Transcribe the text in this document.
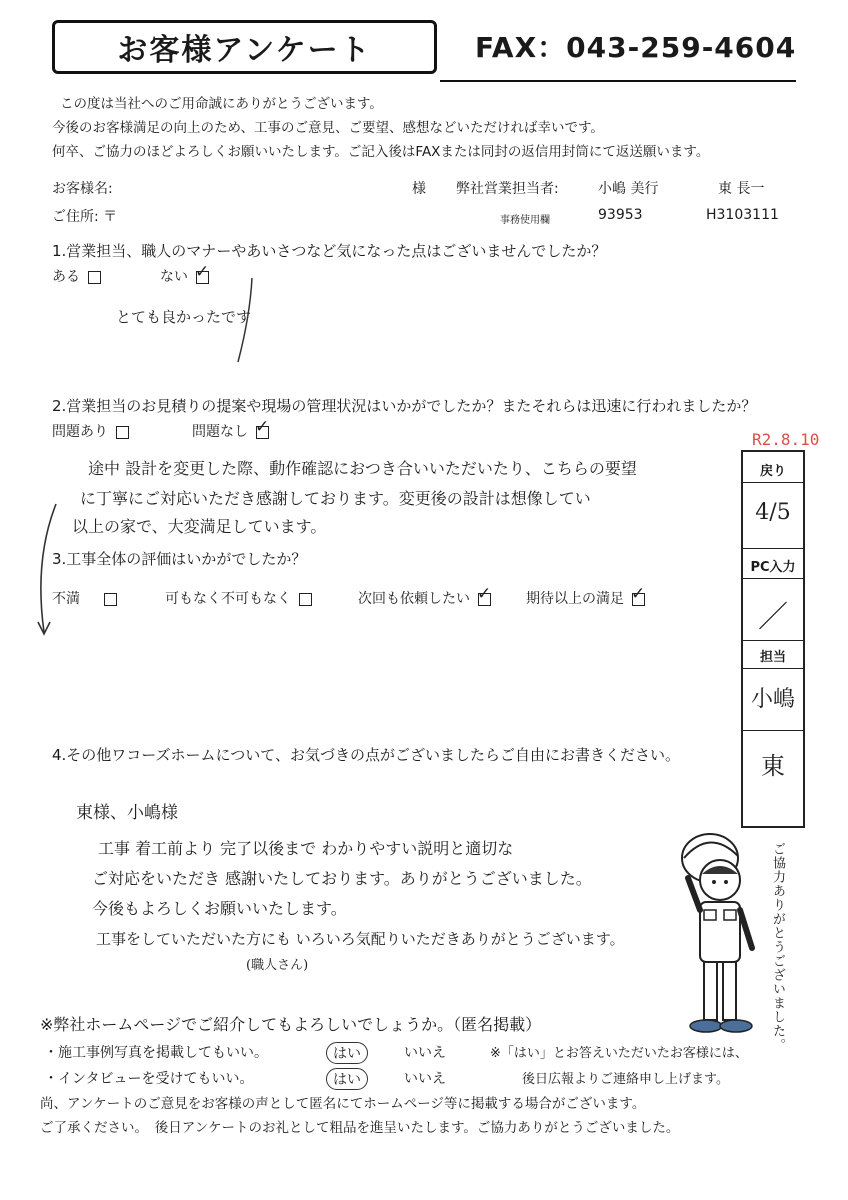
お客様アンケート	FAX：043-259-4604
この度は当社へのご用命誠にありがとうございます。
今後のお客様満足の向上のため、工事のご意見、ご要望、感想などいただければ幸いです。
何卒、ご協力のほどよろしくお願いいたします。ご記入後はFAXまたは同封の返信用封筒にて返送願います。
お客様名:	様 弊社営業担当者:	小嶋 美行	東 長一
ご住所: 〒	事務使用欄	93953	H3103111
1.営業担当、職人のマナーやあいさつなど気になった点はございませんでしたか？
ある	ない✓
とても良かったです
2.営業担当のお見積りの提案や現場の管理状況はいかがでしたか？またそれらは迅速に行われましたか？
問題あり	問題なし✓
途中 設計を変更した際、動作確認におつき合いいただいたり、こちらの要望
に丁寧にご対応いただき感謝しております。変更後の設計は想像してい
以上の家で、大変満足しています。
3.工事全体の評価はいかがでしたか？
不満	可もなく不可もなく	次回も依頼したい✓	期待以上の満足✓
4.その他ワコーズホームについて、お気づきの点がございましたらご自由にお書きください。
東様、小嶋様
工事 着工前より 完了以後まで わかりやすい説明と適切な
ご対応をいただき 感謝いたしております。ありがとうございました。
今後もよろしくお願いいたします。
工事をしていただいた方にも いろいろ気配りいただきありがとうございます。
(職人さん)
※弊社ホームページでご紹介してもよろしいでしょうか。（匿名掲載）
・施工事例写真を掲載してもいい。	はい	いいえ	※「はい」とお答えいただいたお客様には、
・インタビューを受けてもいい。	はい	いいえ	後日広報よりご連絡申し上げます。
尚、アンケートのご意見をお客様の声として匿名にてホームページ等に掲載する場合がございます。
ご了承ください。　後日アンケートのお礼として粗品を進呈いたします。ご協力ありがとうございました。
R2.8.10
戻り
4/5
PC入力
／
担当
小嶋
東
ご協力ありがとうございました。
